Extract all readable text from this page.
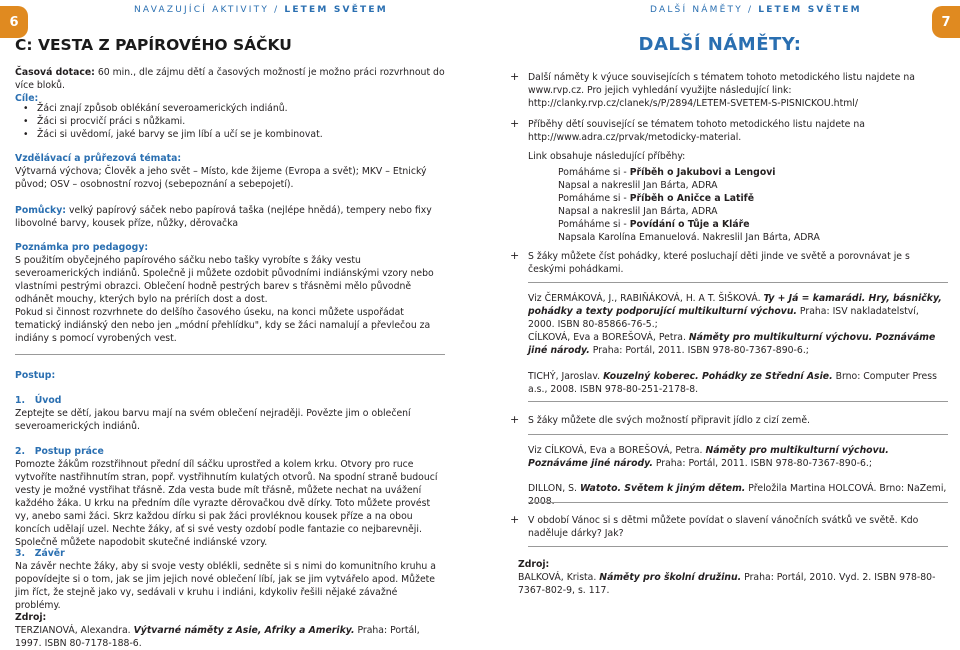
6
NAVAZUJÍCÍ AKTIVITY / LETEM SVĚTEM
C: VESTA Z PAPÍROVÉHO SÁČKU
Časová dotace: 60 min., dle zájmu dětí a časových možností je možno práci rozvrhnout do více bloků.
Cíle:
• Žáci znají způsob oblékání severoamerických indiánů.
• Žáci si procvičí práci s nůžkami.
• Žáci si uvědomí, jaké barvy se jim líbí a učí se je kombinovat.
Vzdělávací a průřezová témata:
Výtvarná výchova; Člověk a jeho svět – Místo, kde žijeme (Evropa a svět); MKV – Etnický původ; OSV – osobnostní rozvoj (sebepoznání a sebepojetí).
Pomůcky: velký papírový sáček nebo papírová taška (nejlépe hnědá), tempery nebo fixy libovolné barvy, kousek příze, nůžky, děrovačka
Poznámka pro pedagogy:

S použitím obyčejného papírového sáčku nebo tašky vyrobíte s žáky vestu severoamerických indiánů. Společně ji můžete ozdobit původními indiánskými vzory nebo vlastními pestrými obrazci. Oblečení hodně pestrých barev s třásněmi mělo původně odhánět mouchy, kterých bylo na prériích dost a dost.

Pokud si činnost rozvrhnete do delšího časového úseku, na konci můžete uspořádat tematický indiánský den nebo jen „módní přehlídku", kdy se žáci namalují a převlečou za indiány s pomocí vyrobených vest.

Postup:
1. Úvod
Zeptejte se dětí, jakou barvu mají na svém oblečení nejraději. Povězte jim o oblečení severoamerických indiánů.
2. Postup práce
Pomozte žákům rozstřihnout přední díl sáčku uprostřed a kolem krku. Otvory pro ruce vytvoříte nastřihnutím stran, popř. vystřihnutím kulatých otvorů. Na spodní straně budoucí vesty je možné vystřihat třásně. Zda vesta bude mít třásně, můžete nechat na uvážení každého žáka. U krku na předním díle vyrazte děrovačkou dvě dírky. Toto můžete provést vy, anebo sami žáci. Skrz každou dírku si pak žáci provléknou kousek příze a na obou koncích udělají uzel. Nechte žáky, ať si své vesty ozdobí podle fantazie co nejbarevněji. Společně můžete napodobit skutečné indiánské vzory.
3. Závěr
Na závěr nechte žáky, aby si svoje vesty oblékli, sedněte si s nimi do komunitního kruhu a popovídejte si o tom, jak se jim jejich nové oblečení líbí, jak se jim vytvářelo apod. Můžete jim říct, že stejně jako vy, sedávali v kruhu i indiáni, kdykoliv řešili nějaké závažné problémy.
Zdroj:
TERZIANOVÁ, Alexandra. Výtvarné náměty z Asie, Afriky a Ameriky. Praha: Portál, 1997. ISBN 80-7178-188-6.
7
DALŠÍ NÁMĚTY / LETEM SVĚTEM
DALŠÍ NÁMĚTY:
+ Další náměty k výuce souvisejících s tématem tohoto metodického listu najdete na www.rvp.cz. Pro jejich vyhledání využijte následující link: http://clanky.rvp.cz/clanek/s/P/2894/LETEM-SVETEM-S-PISNICKOU.html/
+ Příběhy dětí související se tématem tohoto metodického listu najdete na http://www.adra.cz/prvak/metodicky-material.
Link obsahuje následující příběhy:
Pomáháme si - Příběh o Jakubovi a Lengovi
Napsal a nakreslil Jan Bárta, ADRA
Pomáháme si - Příběh o Aničce a Latifě
Napsal a nakreslil Jan Bárta, ADRA
Pomáháme si - Povídání o Tůje a Kláře
Napsala Karolína Emanuelová. Nakreslil Jan Bárta, ADRA
+ S žáky můžete číst pohádky, které posluchají děti jinde ve světě a porovnávat je s českými pohádkami.
Viz ČERMÁKOVÁ, J., RABIŇÁKOVÁ, H. A T. ŠIŠKOVÁ. Ty + Já = kamarádi. Hry, básničky, pohádky a texty podporující multikulturní výchovu. Praha: ISV nakladatelství, 2000. ISBN 80-85866-76-5.;
CÍLKOVÁ, Eva a BOREŠOVÁ, Petra. Náměty pro multikulturní výchovu. Poznáváme jiné národy. Praha: Portál, 2011. ISBN 978-80-7367-890-6.;
TICHÝ, Jaroslav. Kouzelný koberec. Pohádky ze Střední Asie. Brno: Computer Press a.s., 2008. ISBN 978-80-251-2178-8.
+ S žáky můžete dle svých možností připravit jídlo z cizí země.
Viz CÍLKOVÁ, Eva a BOREŠOVÁ, Petra. Náměty pro multikulturní výchovu. Poznáváme jiné národy. Praha: Portál, 2011. ISBN 978-80-7367-890-6.;
DILLON, S. Watoto. Světem k jiným dětem. Přeložila Martina HOLCOVÁ. Brno: NaZemi, 2008.
+ V období Vánoc si s dětmi můžete povídat o slavení vánočních svátků ve světě. Kdo naděluje dárky? Jak?
Zdroj:
BALKOVÁ, Krista. Náměty pro školní družinu. Praha: Portál, 2010. Vyd. 2. ISBN 978-80-7367-802-9, s. 117.
